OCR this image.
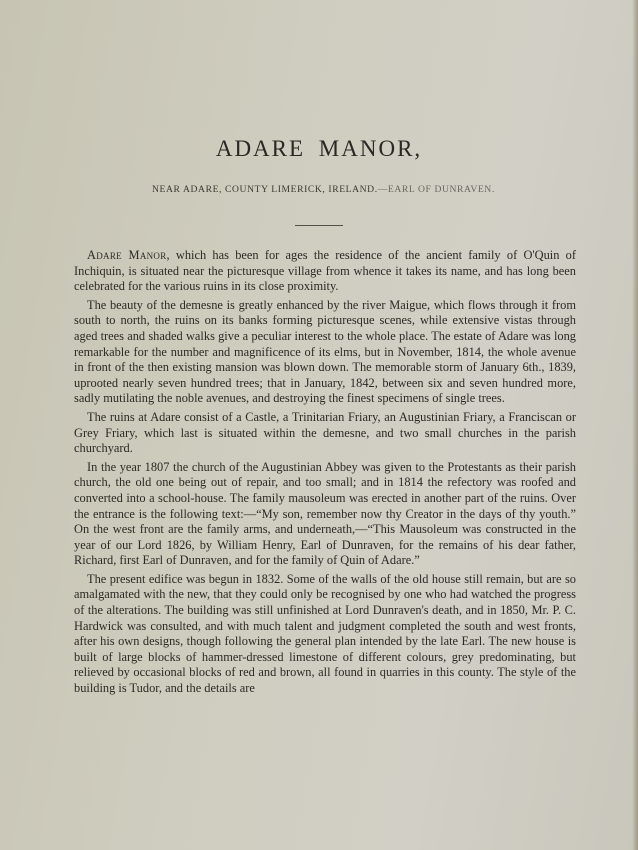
ADARE MANOR,
NEAR ADARE, COUNTY LIMERICK, IRELAND.—EARL OF DUNRAVEN.

Adare Manor, which has been for ages the residence of the ancient family of O'Quin of Inchiquin, is situated near the picturesque village from whence it takes its name, and has long been celebrated for the various ruins in its close proximity.

The beauty of the demesne is greatly enhanced by the river Maigue, which flows through it from south to north, the ruins on its banks forming picturesque scenes, while extensive vistas through aged trees and shaded walks give a peculiar interest to the whole place. The estate of Adare was long remarkable for the number and magnificence of its elms, but in November, 1814, the whole avenue in front of the then existing mansion was blown down. The memorable storm of January 6th., 1839, uprooted nearly seven hundred trees; that in January, 1842, between six and seven hundred more, sadly mutilating the noble avenues, and destroying the finest specimens of single trees.

The ruins at Adare consist of a Castle, a Trinitarian Friary, an Augustinian Friary, a Franciscan or Grey Friary, which last is situated within the demesne, and two small churches in the parish churchyard.

In the year 1807 the church of the Augustinian Abbey was given to the Protestants as their parish church, the old one being out of repair, and too small; and in 1814 the refectory was roofed and converted into a school-house. The family mausoleum was erected in another part of the ruins. Over the entrance is the following text:—“My son, remember now thy Creator in the days of thy youth.” On the west front are the family arms, and underneath,—“This Mausoleum was constructed in the year of our Lord 1826, by William Henry, Earl of Dunraven, for the remains of his dear father, Richard, first Earl of Dunraven, and for the family of Quin of Adare.”

The present edifice was begun in 1832. Some of the walls of the old house still remain, but are so amalgamated with the new, that they could only be recognised by one who had watched the progress of the alterations. The building was still unfinished at Lord Dunraven's death, and in 1850, Mr. P. C. Hardwick was consulted, and with much talent and judgment completed the south and west fronts, after his own designs, though following the general plan intended by the late Earl. The new house is built of large blocks of hammer-dressed limestone of different colours, grey predominating, but relieved by occasional blocks of red and brown, all found in quarries in this county. The style of the building is Tudor, and the details are
